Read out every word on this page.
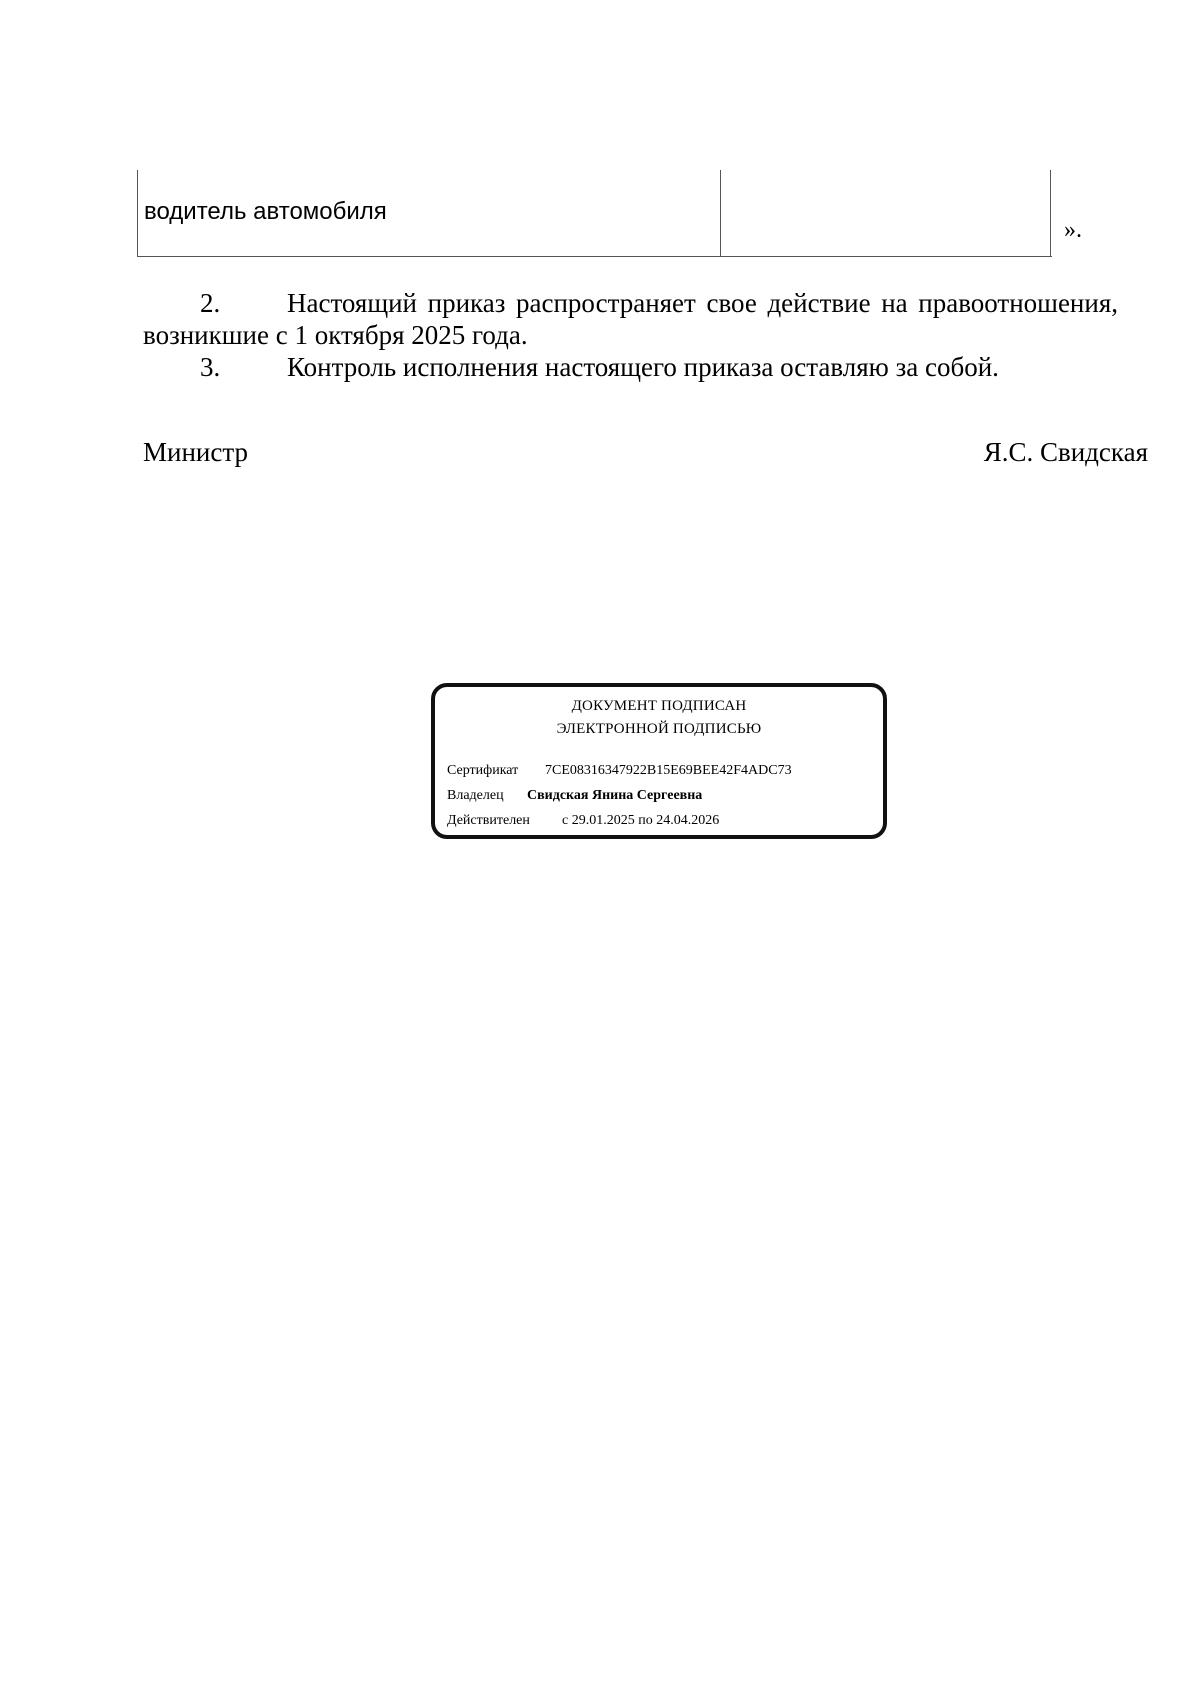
водитель автомобиля
».
2. Настоящий приказ распространяет свое действие на правоотношения, возникшие с 1 октября 2025 года.
3. Контроль исполнения настоящего приказа оставляю за собой.
Министр	Я.С. Свидская
ДОКУМЕНТ ПОДПИСАН
ЭЛЕКТРОННОЙ ПОДПИСЬЮ
Сертификат 7CE08316347922B15E69BEE42F4ADC73
Владелец Свидская Янина Сергеевна
Действителен с 29.01.2025 по 24.04.2026
